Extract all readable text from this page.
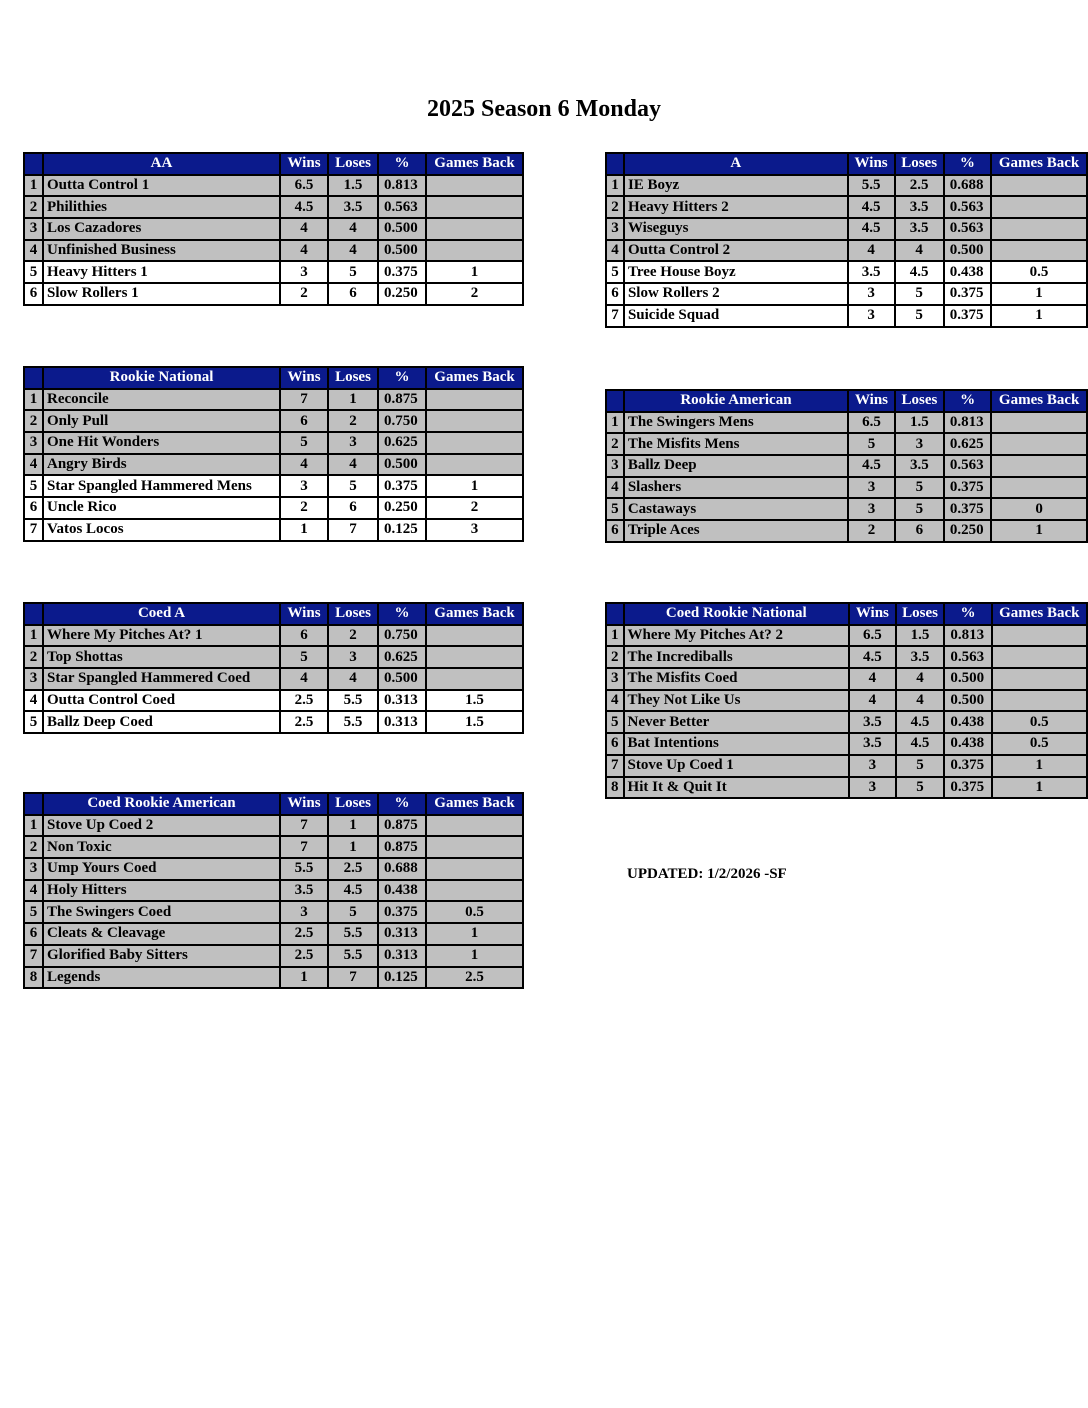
2025 Season 6 Monday
	AA	Wins	Loses	%	Games Back
1	Outta Control 1	6.5	1.5	0.813	
2	Philithies	4.5	3.5	0.563	
3	Los Cazadores	4	4	0.500	
4	Unfinished Business	4	4	0.500	
5	Heavy Hitters 1	3	5	0.375	1
6	Slow Rollers 1	2	6	0.250	2
	A	Wins	Loses	%	Games Back
1	IE Boyz	5.5	2.5	0.688	
2	Heavy Hitters 2	4.5	3.5	0.563	
3	Wiseguys	4.5	3.5	0.563	
4	Outta Control 2	4	4	0.500	
5	Tree House Boyz	3.5	4.5	0.438	0.5
6	Slow Rollers 2	3	5	0.375	1
7	Suicide Squad	3	5	0.375	1
	Rookie National	Wins	Loses	%	Games Back
1	Reconcile	7	1	0.875	
2	Only Pull	6	2	0.750	
3	One Hit Wonders	5	3	0.625	
4	Angry Birds	4	4	0.500	
5	Star Spangled Hammered Mens	3	5	0.375	1
6	Uncle Rico	2	6	0.250	2
7	Vatos Locos	1	7	0.125	3
	Rookie American	Wins	Loses	%	Games Back
1	The Swingers Mens	6.5	1.5	0.813	
2	The Misfits Mens	5	3	0.625	
3	Ballz Deep	4.5	3.5	0.563	
4	Slashers	3	5	0.375	
5	Castaways	3	5	0.375	0
6	Triple Aces	2	6	0.250	1
	Coed A	Wins	Loses	%	Games Back
1	Where My Pitches At? 1	6	2	0.750	
2	Top Shottas	5	3	0.625	
3	Star Spangled Hammered Coed	4	4	0.500	
4	Outta Control Coed	2.5	5.5	0.313	1.5
5	Ballz Deep Coed	2.5	5.5	0.313	1.5
	Coed Rookie National	Wins	Loses	%	Games Back
1	Where My Pitches At? 2	6.5	1.5	0.813	
2	The Incrediballs	4.5	3.5	0.563	
3	The Misfits Coed	4	4	0.500	
4	They Not Like Us	4	4	0.500	
5	Never Better	3.5	4.5	0.438	0.5
6	Bat Intentions	3.5	4.5	0.438	0.5
7	Stove Up Coed 1	3	5	0.375	1
8	Hit It & Quit It	3	5	0.375	1
	Coed Rookie American	Wins	Loses	%	Games Back
1	Stove Up Coed 2	7	1	0.875	
2	Non Toxic	7	1	0.875	
3	Ump Yours Coed	5.5	2.5	0.688	
4	Holy Hitters	3.5	4.5	0.438	
5	The Swingers Coed	3	5	0.375	0.5
6	Cleats & Cleavage	2.5	5.5	0.313	1
7	Glorified Baby Sitters	2.5	5.5	0.313	1
8	Legends	1	7	0.125	2.5
UPDATED: 1/2/2026 -SF
